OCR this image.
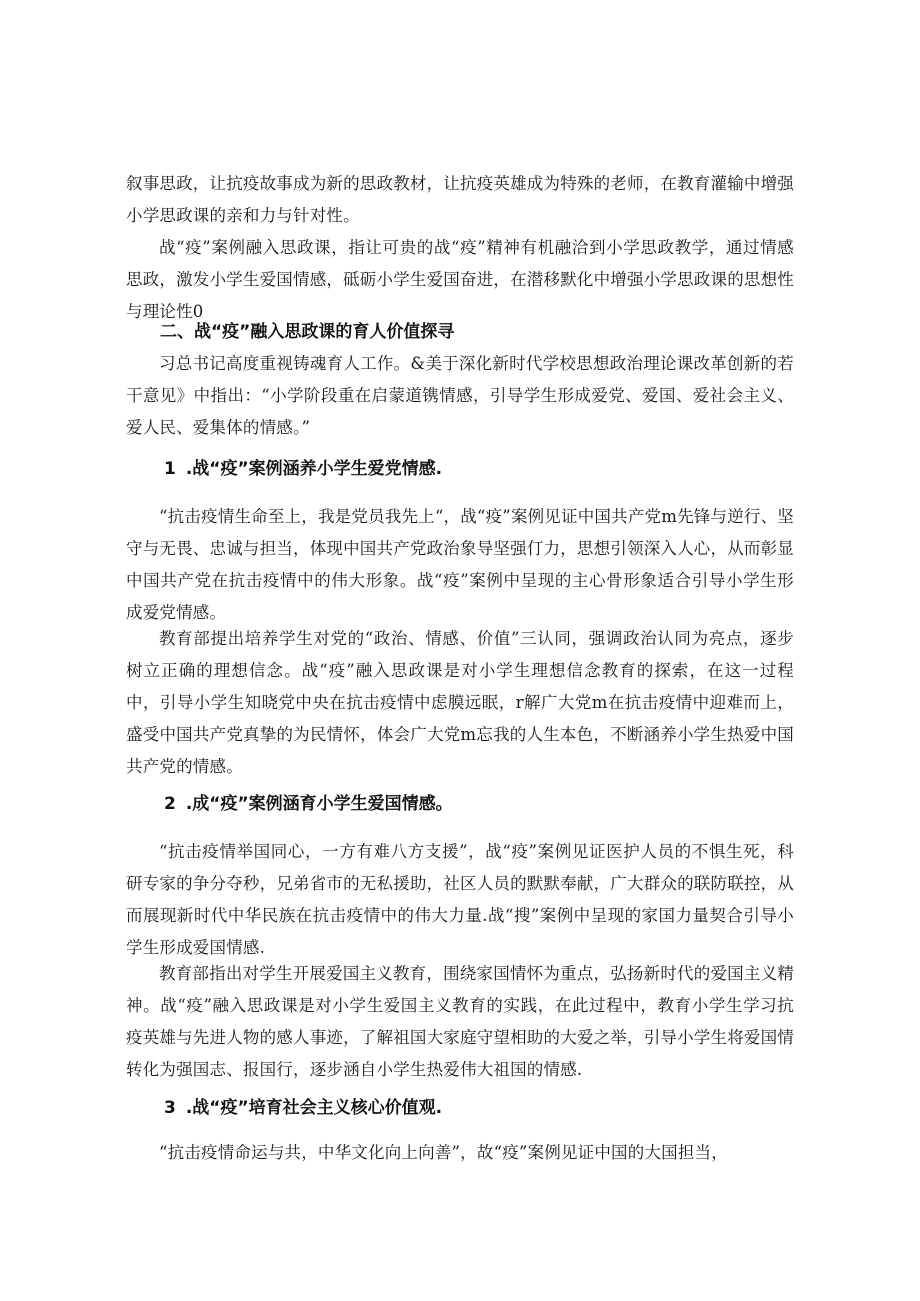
叙事思政，让抗疫故事成为新的思政教材，让抗疫英雄成为特殊的老师，在教育灌输中增强小学思政课的亲和力与针对性。

战“疫”案例融入思政课，指让可贵的战“疫”精神有机融洽到小学思政教学，通过情感思政，激发小学生爱国情感，砥砺小学生爱国奋进，在潜移默化中增强小学思政课的思想性与理论性0

二、战“疫”融入思政课的育人价值探寻

习总书记高度重视铸魂育人工作。&美于深化新时代学校思想政治理论课改革创新的若干意见》中指出：“小学阶段重在启蒙道镌情感，引导学生形成爱党、爱国、爱社会主义、爱人民、爱集体的情感。”

1 .战“疫”案例涵养小学生爱党情感.

“抗击疫情生命至上，我是党员我先上“，战“疫”案例见证中国共产党m先锋与逆行、坚守与无畏、忠诚与担当，体现中国共产党政治象导坚强仃力，思想引领深入人心，从而彰显中国共产党在抗击疫情中的伟大形象。战“疫”案例中呈现的主心骨形象适合引导小学生形成爱党情感。

教育部提出培养学生对党的“政治、情感、价值”三认同，强调政治认同为亮点，逐步树立正确的理想信念。战“疫”融入思政课是对小学生理想信念教育的探索，在这一过程中，引导小学生知晓党中央在抗击疫情中虑膜远眠，r解广大党m在抗击疫情中迎难而上，盛受中国共产党真挚的为民情怀，体会广大党m忘我的人生本色，不断涵养小学生热爱中国共产党的情感。

2 .成“疫”案例涵育小学生爱国情感。

“抗击疫情举国同心，一方有难八方支援”，战“疫”案例见证医护人员的不惧生死，科研专家的争分夺秒，兄弟省市的无私援助，社区人员的默默奉献，广大群众的联防联控，从而展现新时代中华民族在抗击疫情中的伟大力量.战“搜”案例中呈现的家国力量契合引导小学生形成爱国情感.

教育部指出对学生开展爱国主义教育，围绕家国情怀为重点，弘扬新时代的爱国主义精神。战“疫”融入思政课是对小学生爱国主义教育的实践，在此过程中，教育小学生学习抗疫英雄与先进人物的感人事迹，了解祖国大家庭守望相助的大爱之举，引导小学生将爱国情转化为强国志、报国行，逐步涵自小学生热爱伟大祖国的情感.

3 .战“疫”培育社会主义核心价值观.

“抗击疫情命运与共，中华文化向上向善”，故“疫”案例见证中国的大国担当，
